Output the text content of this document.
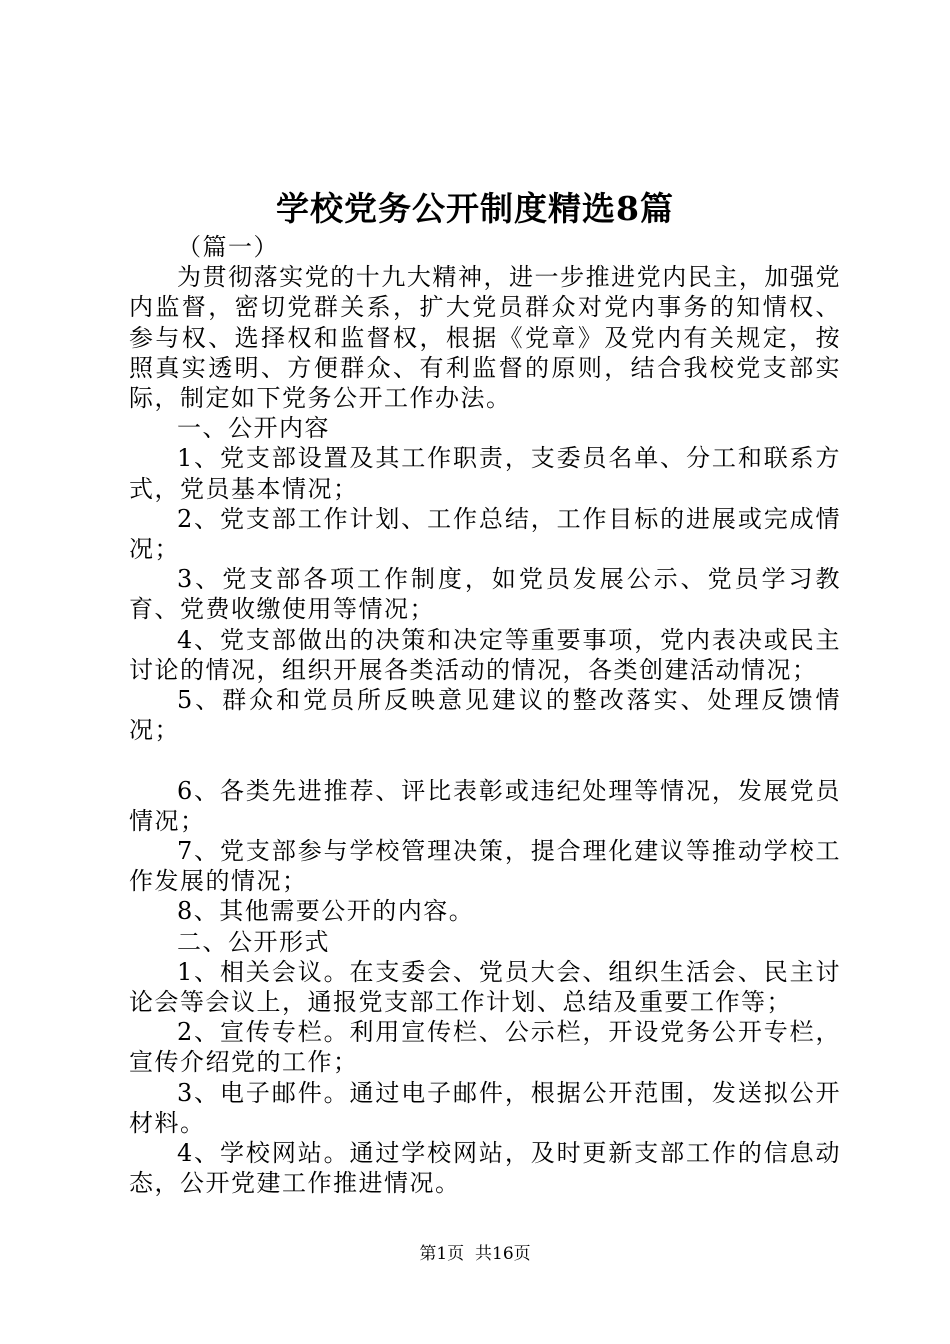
学校党务公开制度精选8篇

（篇一）

为贯彻落实党的十九大精神，进一步推进党内民主，加强党内监督，密切党群关系，扩大党员群众对党内事务的知情权、参与权、选择权和监督权，根据《党章》及党内有关规定，按照真实透明、方便群众、有利监督的原则，结合我校党支部实际，制定如下党务公开工作办法。

一、公开内容

1、党支部设置及其工作职责，支委员名单、分工和联系方式，党员基本情况；

2、党支部工作计划、工作总结，工作目标的进展或完成情况；

3、党支部各项工作制度，如党员发展公示、党员学习教育、党费收缴使用等情况；

4、党支部做出的决策和决定等重要事项，党内表决或民主讨论的情况，组织开展各类活动的情况，各类创建活动情况；

5、群众和党员所反映意见建议的整改落实、处理反馈情况；

6、各类先进推荐、评比表彰或违纪处理等情况，发展党员情况；

7、党支部参与学校管理决策，提合理化建议等推动学校工作发展的情况；

8、其他需要公开的内容。

二、公开形式

1、相关会议。在支委会、党员大会、组织生活会、民主讨论会等会议上，通报党支部工作计划、总结及重要工作等；

2、宣传专栏。利用宣传栏、公示栏，开设党务公开专栏，宣传介绍党的工作；

3、电子邮件。通过电子邮件，根据公开范围，发送拟公开材料。

4、学校网站。通过学校网站，及时更新支部工作的信息动态，公开党建工作推进情况。

第1页 共16页
